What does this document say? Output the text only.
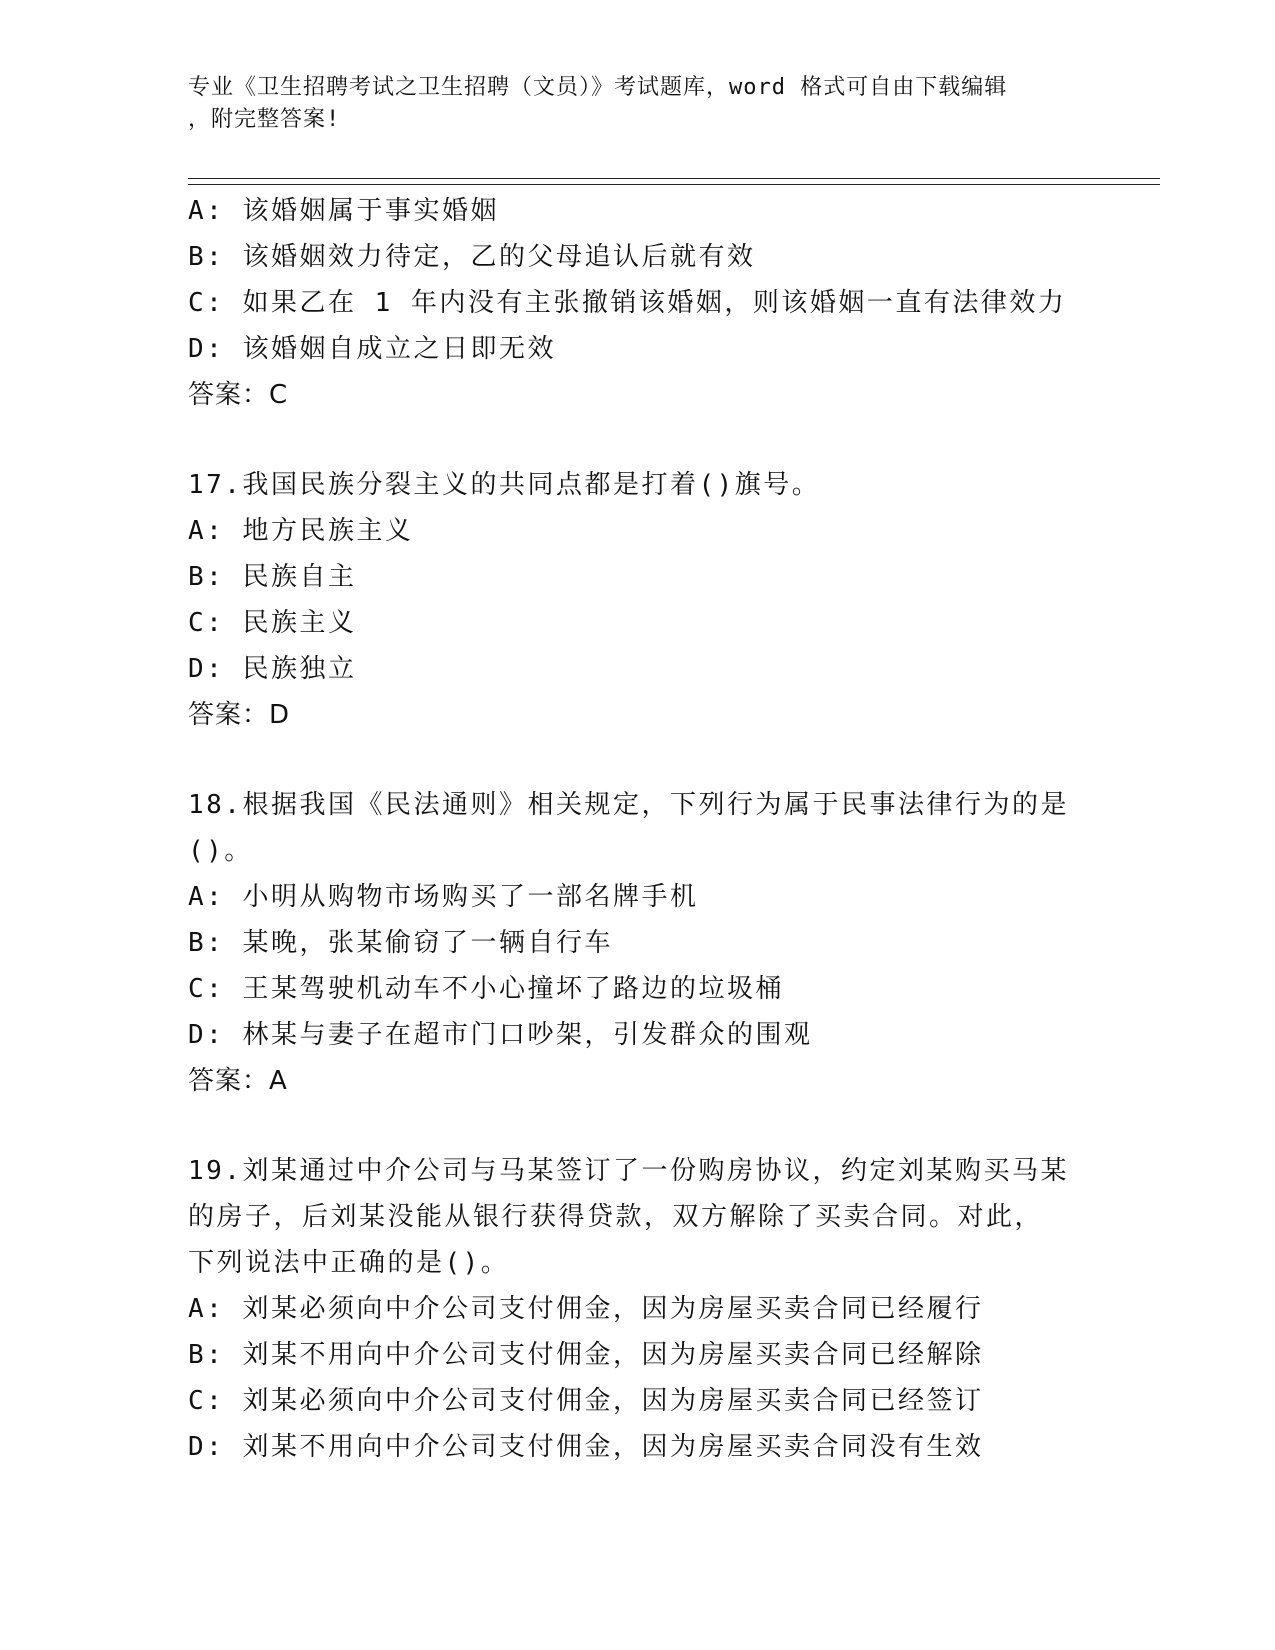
专业《卫生招聘考试之卫生招聘（文员）》考试题库，word 格式可自由下载编辑
，附完整答案!
A: 该婚姻属于事实婚姻
B: 该婚姻效力待定，乙的父母追认后就有效
C: 如果乙在 1 年内没有主张撤销该婚姻，则该婚姻一直有法律效力
D: 该婚姻自成立之日即无效
答案：C
17.我国民族分裂主义的共同点都是打着()旗号。
A: 地方民族主义
B: 民族自主
C: 民族主义
D: 民族独立
答案：D
18.根据我国《民法通则》相关规定，下列行为属于民事法律行为的是
()。
A: 小明从购物市场购买了一部名牌手机
B: 某晚，张某偷窃了一辆自行车
C: 王某驾驶机动车不小心撞坏了路边的垃圾桶
D: 林某与妻子在超市门口吵架，引发群众的围观
答案：A
19.刘某通过中介公司与马某签订了一份购房协议，约定刘某购买马某
的房子，后刘某没能从银行获得贷款，双方解除了买卖合同。对此，
下列说法中正确的是()。
A: 刘某必须向中介公司支付佣金，因为房屋买卖合同已经履行
B: 刘某不用向中介公司支付佣金，因为房屋买卖合同已经解除
C: 刘某必须向中介公司支付佣金，因为房屋买卖合同已经签订
D: 刘某不用向中介公司支付佣金，因为房屋买卖合同没有生效
